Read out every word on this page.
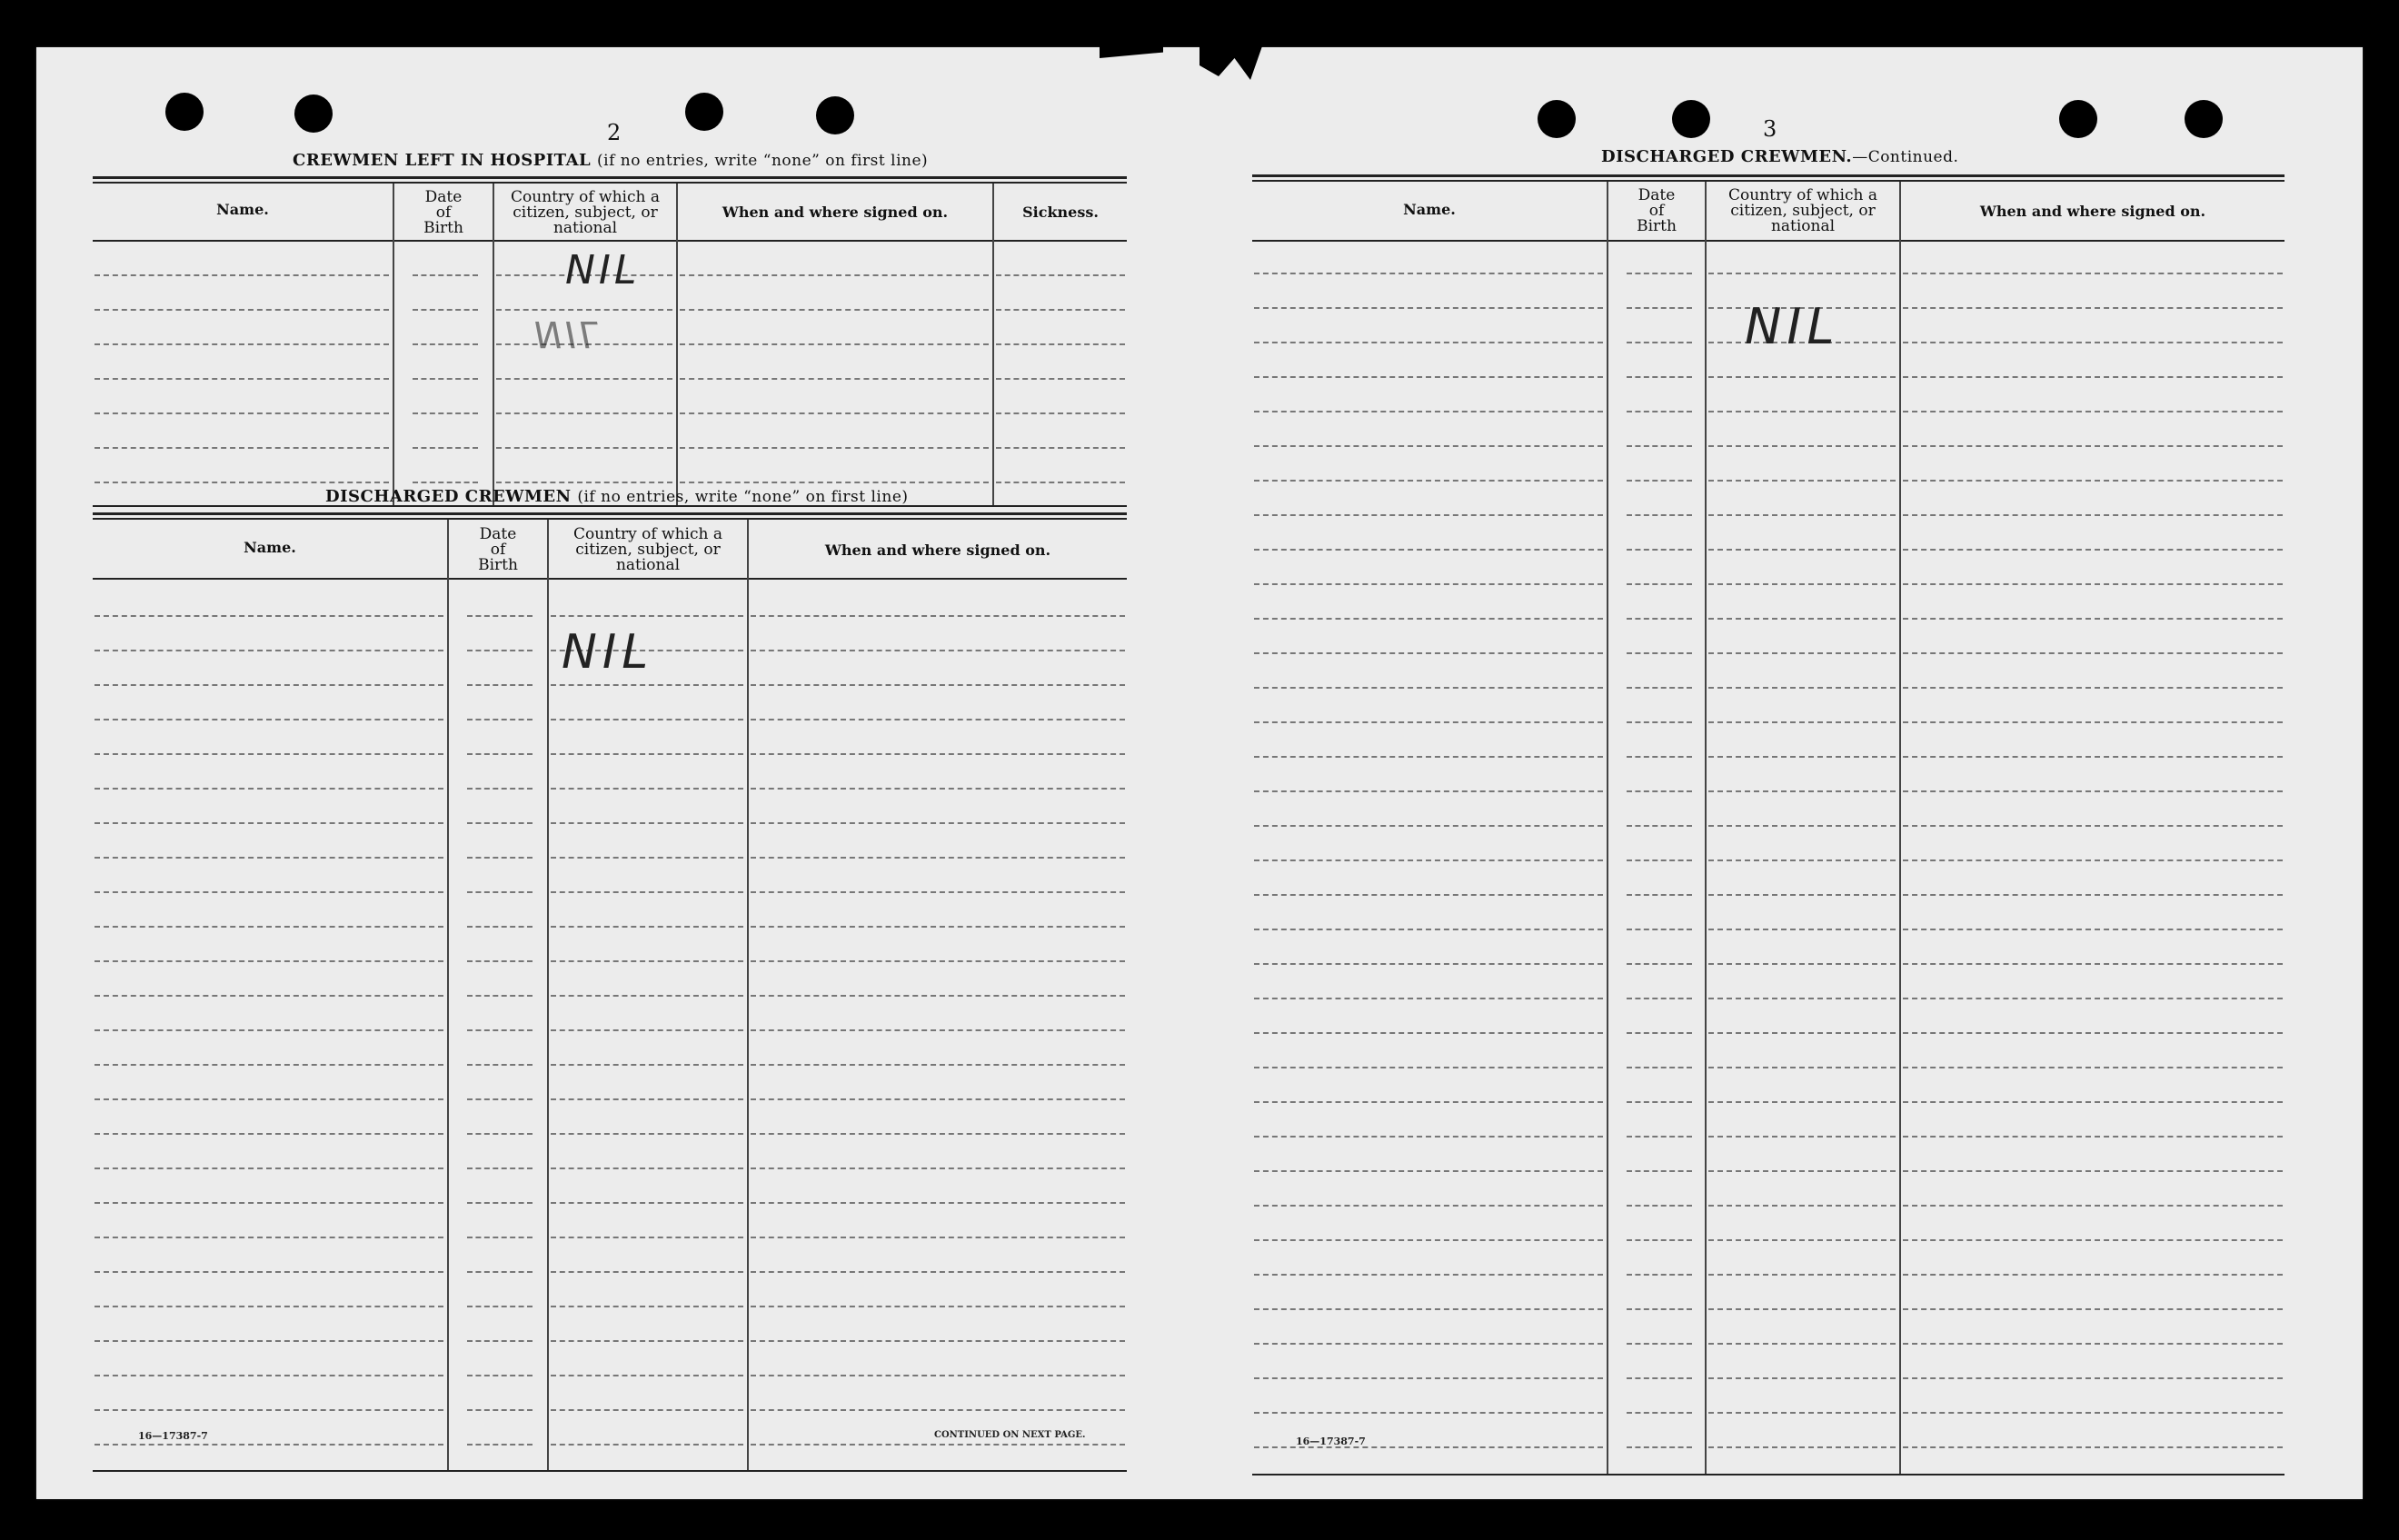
2
CREWMEN LEFT IN HOSPITAL (if no entries, write “none” on first line)
Name.
Date
of
Birth
Country of which a
citizen, subject, or
national
When and where signed on.	Sickness.
NIL
NIL
DISCHARGED CREWMEN (if no entries, write “none” on first line)
Name.
Date
of
Birth
Country of which a
citizen, subject, or
national
When and where signed on.
NIL
16—17387-7	CONTINUED ON NEXT PAGE.
3
DISCHARGED CREWMEN.—Continued.
Name.
Date
of
Birth
Country of which a
citizen, subject, or
national
When and where signed on.
NIL
16—17387-7
